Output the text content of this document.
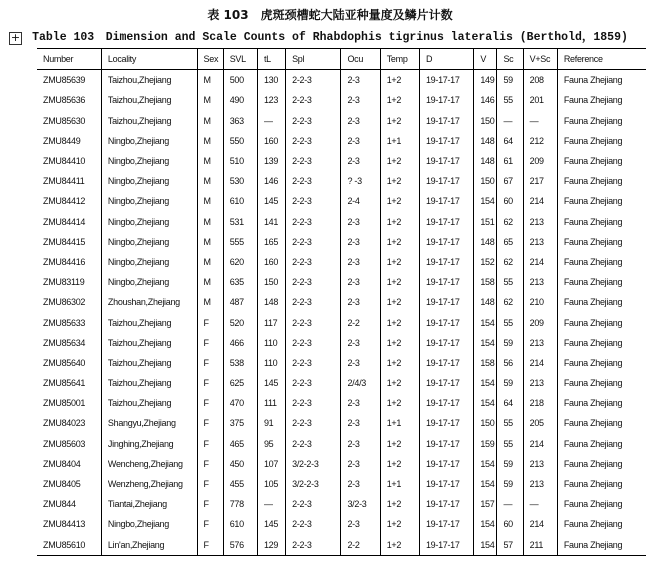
表 103　虎斑颈槽蛇大陆亚种量度及鳞片计数
+	Table 103　Dimension and Scale Counts of Rhabdophis tigrinus lateralis (Berthold，1859)
Number	Locality	Sex	SVL	tL	Spl	Ocu	Temp	D	V	Sc	V+Sc	Reference
ZMU85639	Taizhou,Zhejiang	M	500	130	2-2-3	2-3	1+2	19-17-17	149	59	208	Fauna Zhejiang
ZMU85636	Taizhou,Zhejiang	M	490	123	2-2-3	2-3	1+2	19-17-17	146	55	201	Fauna Zhejiang
ZMU85630	Taizhou,Zhejiang	M	363	—	2-2-3	2-3	1+2	19-17-17	150	—	—	Fauna Zhejiang
ZMU8449	Ningbo,Zhejiang	M	550	160	2-2-3	2-3	1+1	19-17-17	148	64	212	Fauna Zhejiang
ZMU84410	Ningbo,Zhejiang	M	510	139	2-2-3	2-3	1+2	19-17-17	148	61	209	Fauna Zhejiang
ZMU84411	Ningbo,Zhejiang	M	530	146	2-2-3	? -3	1+2	19-17-17	150	67	217	Fauna Zhejiang
ZMU84412	Ningbo,Zhejiang	M	610	145	2-2-3	2-4	1+2	19-17-17	154	60	214	Fauna Zhejiang
ZMU84414	Ningbo,Zhejiang	M	531	141	2-2-3	2-3	1+2	19-17-17	151	62	213	Fauna Zhejiang
ZMU84415	Ningbo,Zhejiang	M	555	165	2-2-3	2-3	1+2	19-17-17	148	65	213	Fauna Zhejiang
ZMU84416	Ningbo,Zhejiang	M	620	160	2-2-3	2-3	1+2	19-17-17	152	62	214	Fauna Zhejiang
ZMU83119	Ningbo,Zhejiang	M	635	150	2-2-3	2-3	1+2	19-17-17	158	55	213	Fauna Zhejiang
ZMU86302	Zhoushan,Zhejiang	M	487	148	2-2-3	2-3	1+2	19-17-17	148	62	210	Fauna Zhejiang
ZMU85633	Taizhou,Zhejiang	F	520	117	2-2-3	2-2	1+2	19-17-17	154	55	209	Fauna Zhejiang
ZMU85634	Taizhou,Zhejiang	F	466	110	2-2-3	2-3	1+2	19-17-17	154	59	213	Fauna Zhejiang
ZMU85640	Taizhou,Zhejiang	F	538	110	2-2-3	2-3	1+2	19-17-17	158	56	214	Fauna Zhejiang
ZMU85641	Taizhou,Zhejiang	F	625	145	2-2-3	2/4/3	1+2	19-17-17	154	59	213	Fauna Zhejiang
ZMU85001	Taizhou,Zhejiang	F	470	111	2-2-3	2-3	1+2	19-17-17	154	64	218	Fauna Zhejiang
ZMU84023	Shangyu,Zhejiang	F	375	91	2-2-3	2-3	1+1	19-17-17	150	55	205	Fauna Zhejiang
ZMU85603	Jinghing,Zhejiang	F	465	95	2-2-3	2-3	1+2	19-17-17	159	55	214	Fauna Zhejiang
ZMU8404	Wencheng,Zhejiang	F	450	107	3/2-2-3	2-3	1+2	19-17-17	154	59	213	Fauna Zhejiang
ZMU8405	Wenzheng,Zhejiang	F	455	105	3/2-2-3	2-3	1+1	19-17-17	154	59	213	Fauna Zhejiang
ZMU844	Tiantai,Zhejiang	F	778	—	2-2-3	3/2-3	1+2	19-17-17	157	—	—	Fauna Zhejiang
ZMU84413	Ningbo,Zhejiang	F	610	145	2-2-3	2-3	1+2	19-17-17	154	60	214	Fauna Zhejiang
ZMU85610	Lin'an,Zhejiang	F	576	129	2-2-3	2-2	1+2	19-17-17	154	57	211	Fauna Zhejiang
